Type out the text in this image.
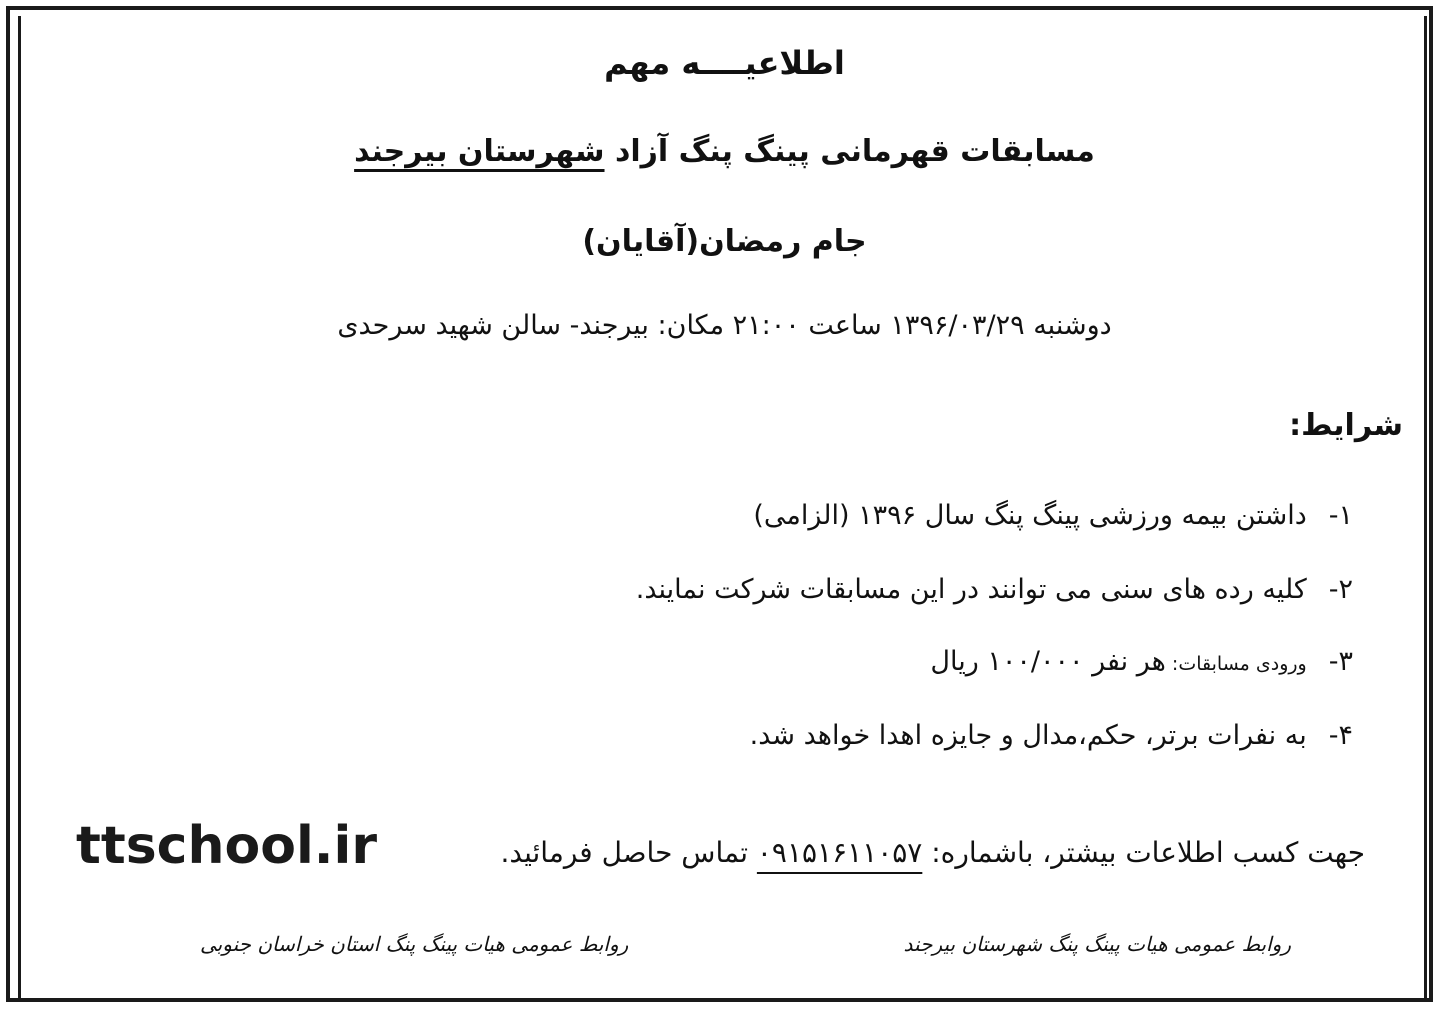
اطلاعیــــه مهم
مسابقات قهرمانی پینگ پنگ آزاد شهرستان بیرجند
جام رمضان(آقایان)
دوشنبه ۱۳۹۶/۰۳/۲۹ ساعت ۲۱:۰۰ مکان: بیرجند- سالن شهید سرحدی
شرایط:
۱-داشتن بیمه ورزشی پینگ پنگ سال ۱۳۹۶ (الزامی)
۲-کلیه رده های سنی می توانند در این مسابقات شرکت نمایند.
۳-ورودی مسابقات: هر نفر ۱۰۰/۰۰۰ ریال
۴-به نفرات برتر، حکم،مدال و جایزه اهدا خواهد شد.
جهت کسب اطلاعات بیشتر، باشماره: ۰۹۱۵۱۶۱۱۰۵۷ تماس حاصل فرمائید.
ttschool.ir
روابط عمومی هیات پینگ پنگ شهرستان بیرجند
روابط عمومی هیات پینگ پنگ استان خراسان جنوبی
